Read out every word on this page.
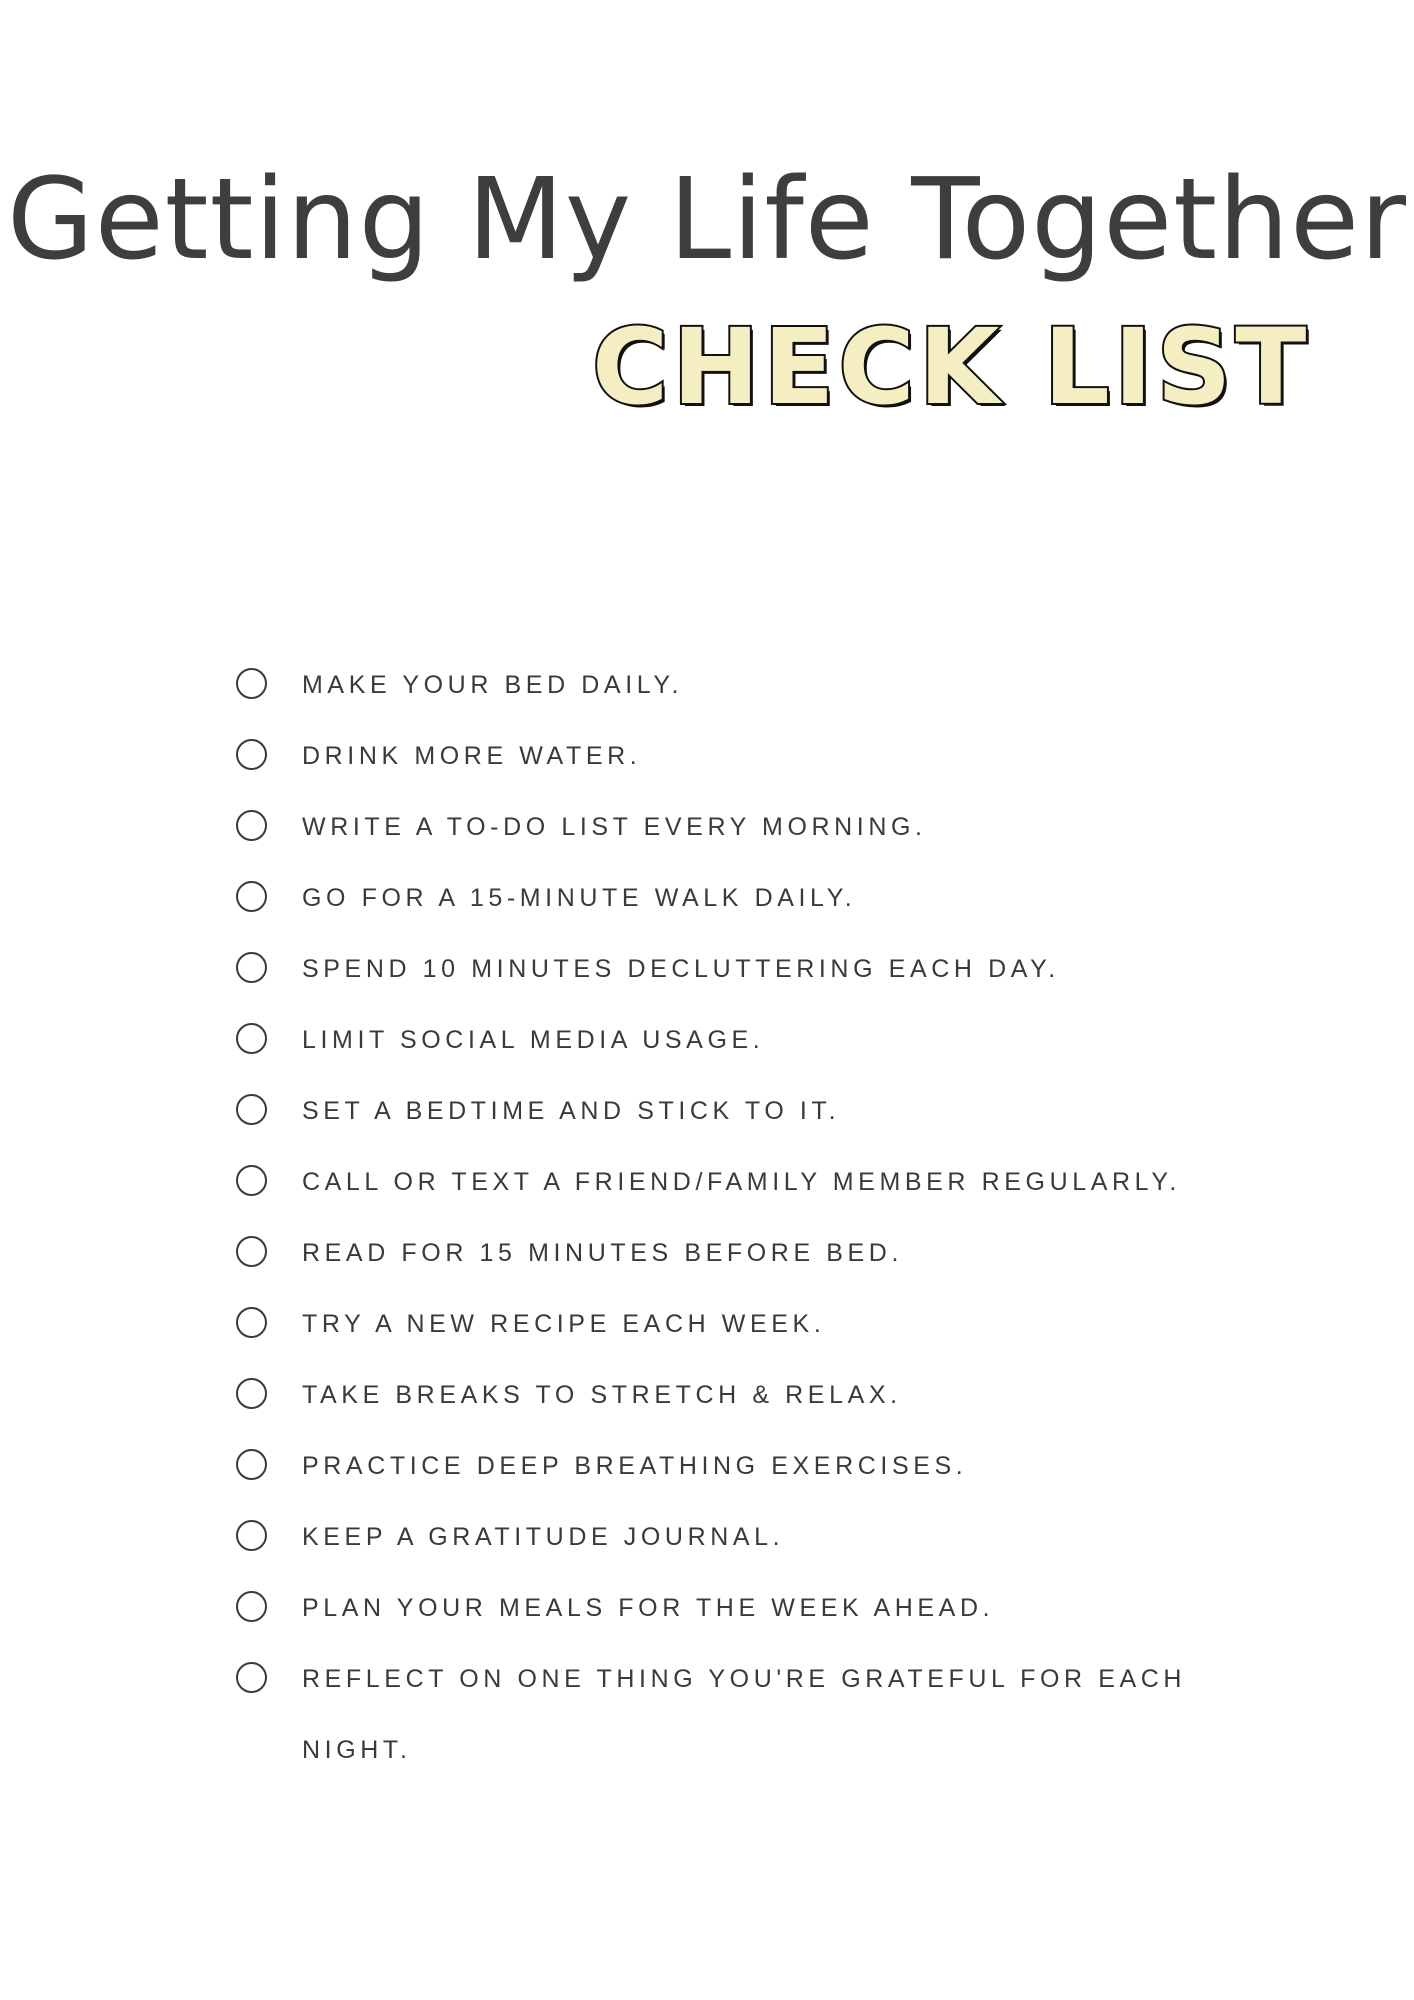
Getting My Life Together
CHECK LIST
MAKE YOUR BED DAILY.
DRINK MORE WATER.
WRITE A TO-DO LIST EVERY MORNING.
GO FOR A 15-MINUTE WALK DAILY.
SPEND 10 MINUTES DECLUTTERING EACH DAY.
LIMIT SOCIAL MEDIA USAGE.
SET A BEDTIME AND STICK TO IT.
CALL OR TEXT A FRIEND/FAMILY MEMBER REGULARLY.
READ FOR 15 MINUTES BEFORE BED.
TRY A NEW RECIPE EACH WEEK.
TAKE BREAKS TO STRETCH & RELAX.
PRACTICE DEEP BREATHING EXERCISES.
KEEP A GRATITUDE JOURNAL.
PLAN YOUR MEALS FOR THE WEEK AHEAD.
REFLECT ON ONE THING YOU'RE GRATEFUL FOR EACH NIGHT.
